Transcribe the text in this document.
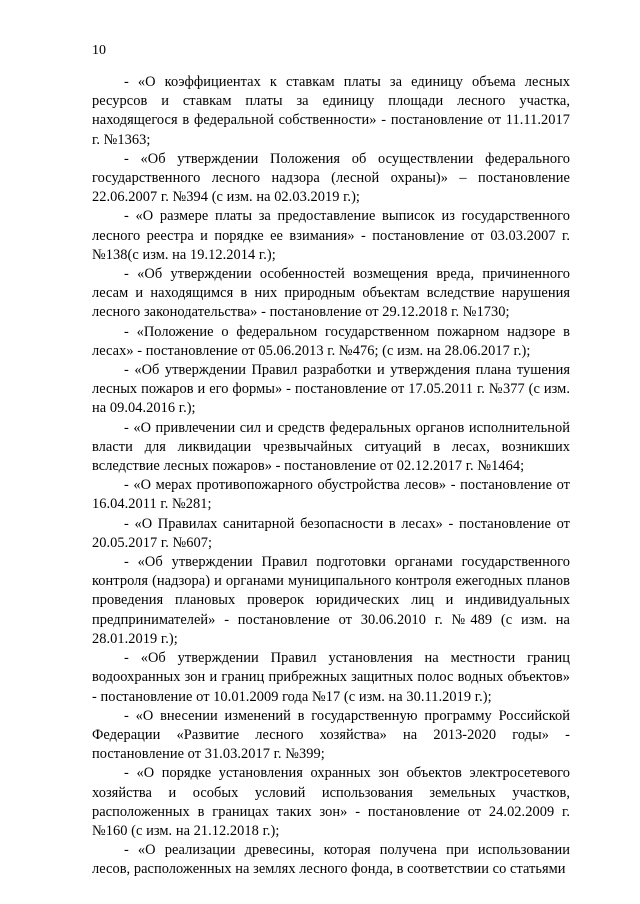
10

- «О коэффициентах к ставкам платы за единицу объема лесных ресурсов и ставкам платы за единицу площади лесного участка, находящегося в федеральной собственности» - постановление от 11.11.2017 г. №1363;

- «Об утверждении Положения об осуществлении федерального государственного лесного надзора (лесной охраны)» – постановление 22.06.2007 г. №394 (с изм. на 02.03.2019 г.);

- «О размере платы за предоставление выписок из государственного лесного реестра и порядке ее взимания» - постановление от 03.03.2007 г. №138(с изм. на 19.12.2014 г.);

- «Об утверждении особенностей возмещения вреда, причиненного лесам и находящимся в них природным объектам вследствие нарушения лесного законодательства» - постановление от 29.12.2018 г. №1730;

- «Положение о федеральном государственном пожарном надзоре в лесах» - постановление от 05.06.2013 г. №476; (с изм. на 28.06.2017 г.);

- «Об утверждении Правил разработки и утверждения плана тушения лесных пожаров и его формы» - постановление от 17.05.2011 г. №377 (с изм. на 09.04.2016 г.);

- «О привлечении сил и средств федеральных органов исполнительной власти для ликвидации чрезвычайных ситуаций в лесах, возникших вследствие лесных пожаров» - постановление от 02.12.2017 г. №1464;

- «О мерах противопожарного обустройства лесов» - постановление от 16.04.2011 г. №281;

- «О Правилах санитарной безопасности в лесах» - постановление от 20.05.2017 г. №607;

- «Об утверждении Правил подготовки органами государственного контроля (надзора) и органами муниципального контроля ежегодных планов проведения плановых проверок юридических лиц и индивидуальных предпринимателей» - постановление от 30.06.2010 г. №489 (с изм. на 28.01.2019 г.);

- «Об утверждении Правил установления на местности границ водоохранных зон и границ прибрежных защитных полос водных объектов» - постановление от 10.01.2009 года №17 (с изм. на 30.11.2019 г.);

- «О внесении изменений в государственную программу Российской Федерации «Развитие лесного хозяйства» на 2013-2020 годы» - постановление от 31.03.2017 г. №399;

- «О порядке установления охранных зон объектов электросетевого хозяйства и особых условий использования земельных участков, расположенных в границах таких зон» - постановление от 24.02.2009 г. №160 (с изм. на 21.12.2018 г.);

- «О реализации древесины, которая получена при использовании лесов, расположенных на землях лесного фонда, в соответствии со статьями
